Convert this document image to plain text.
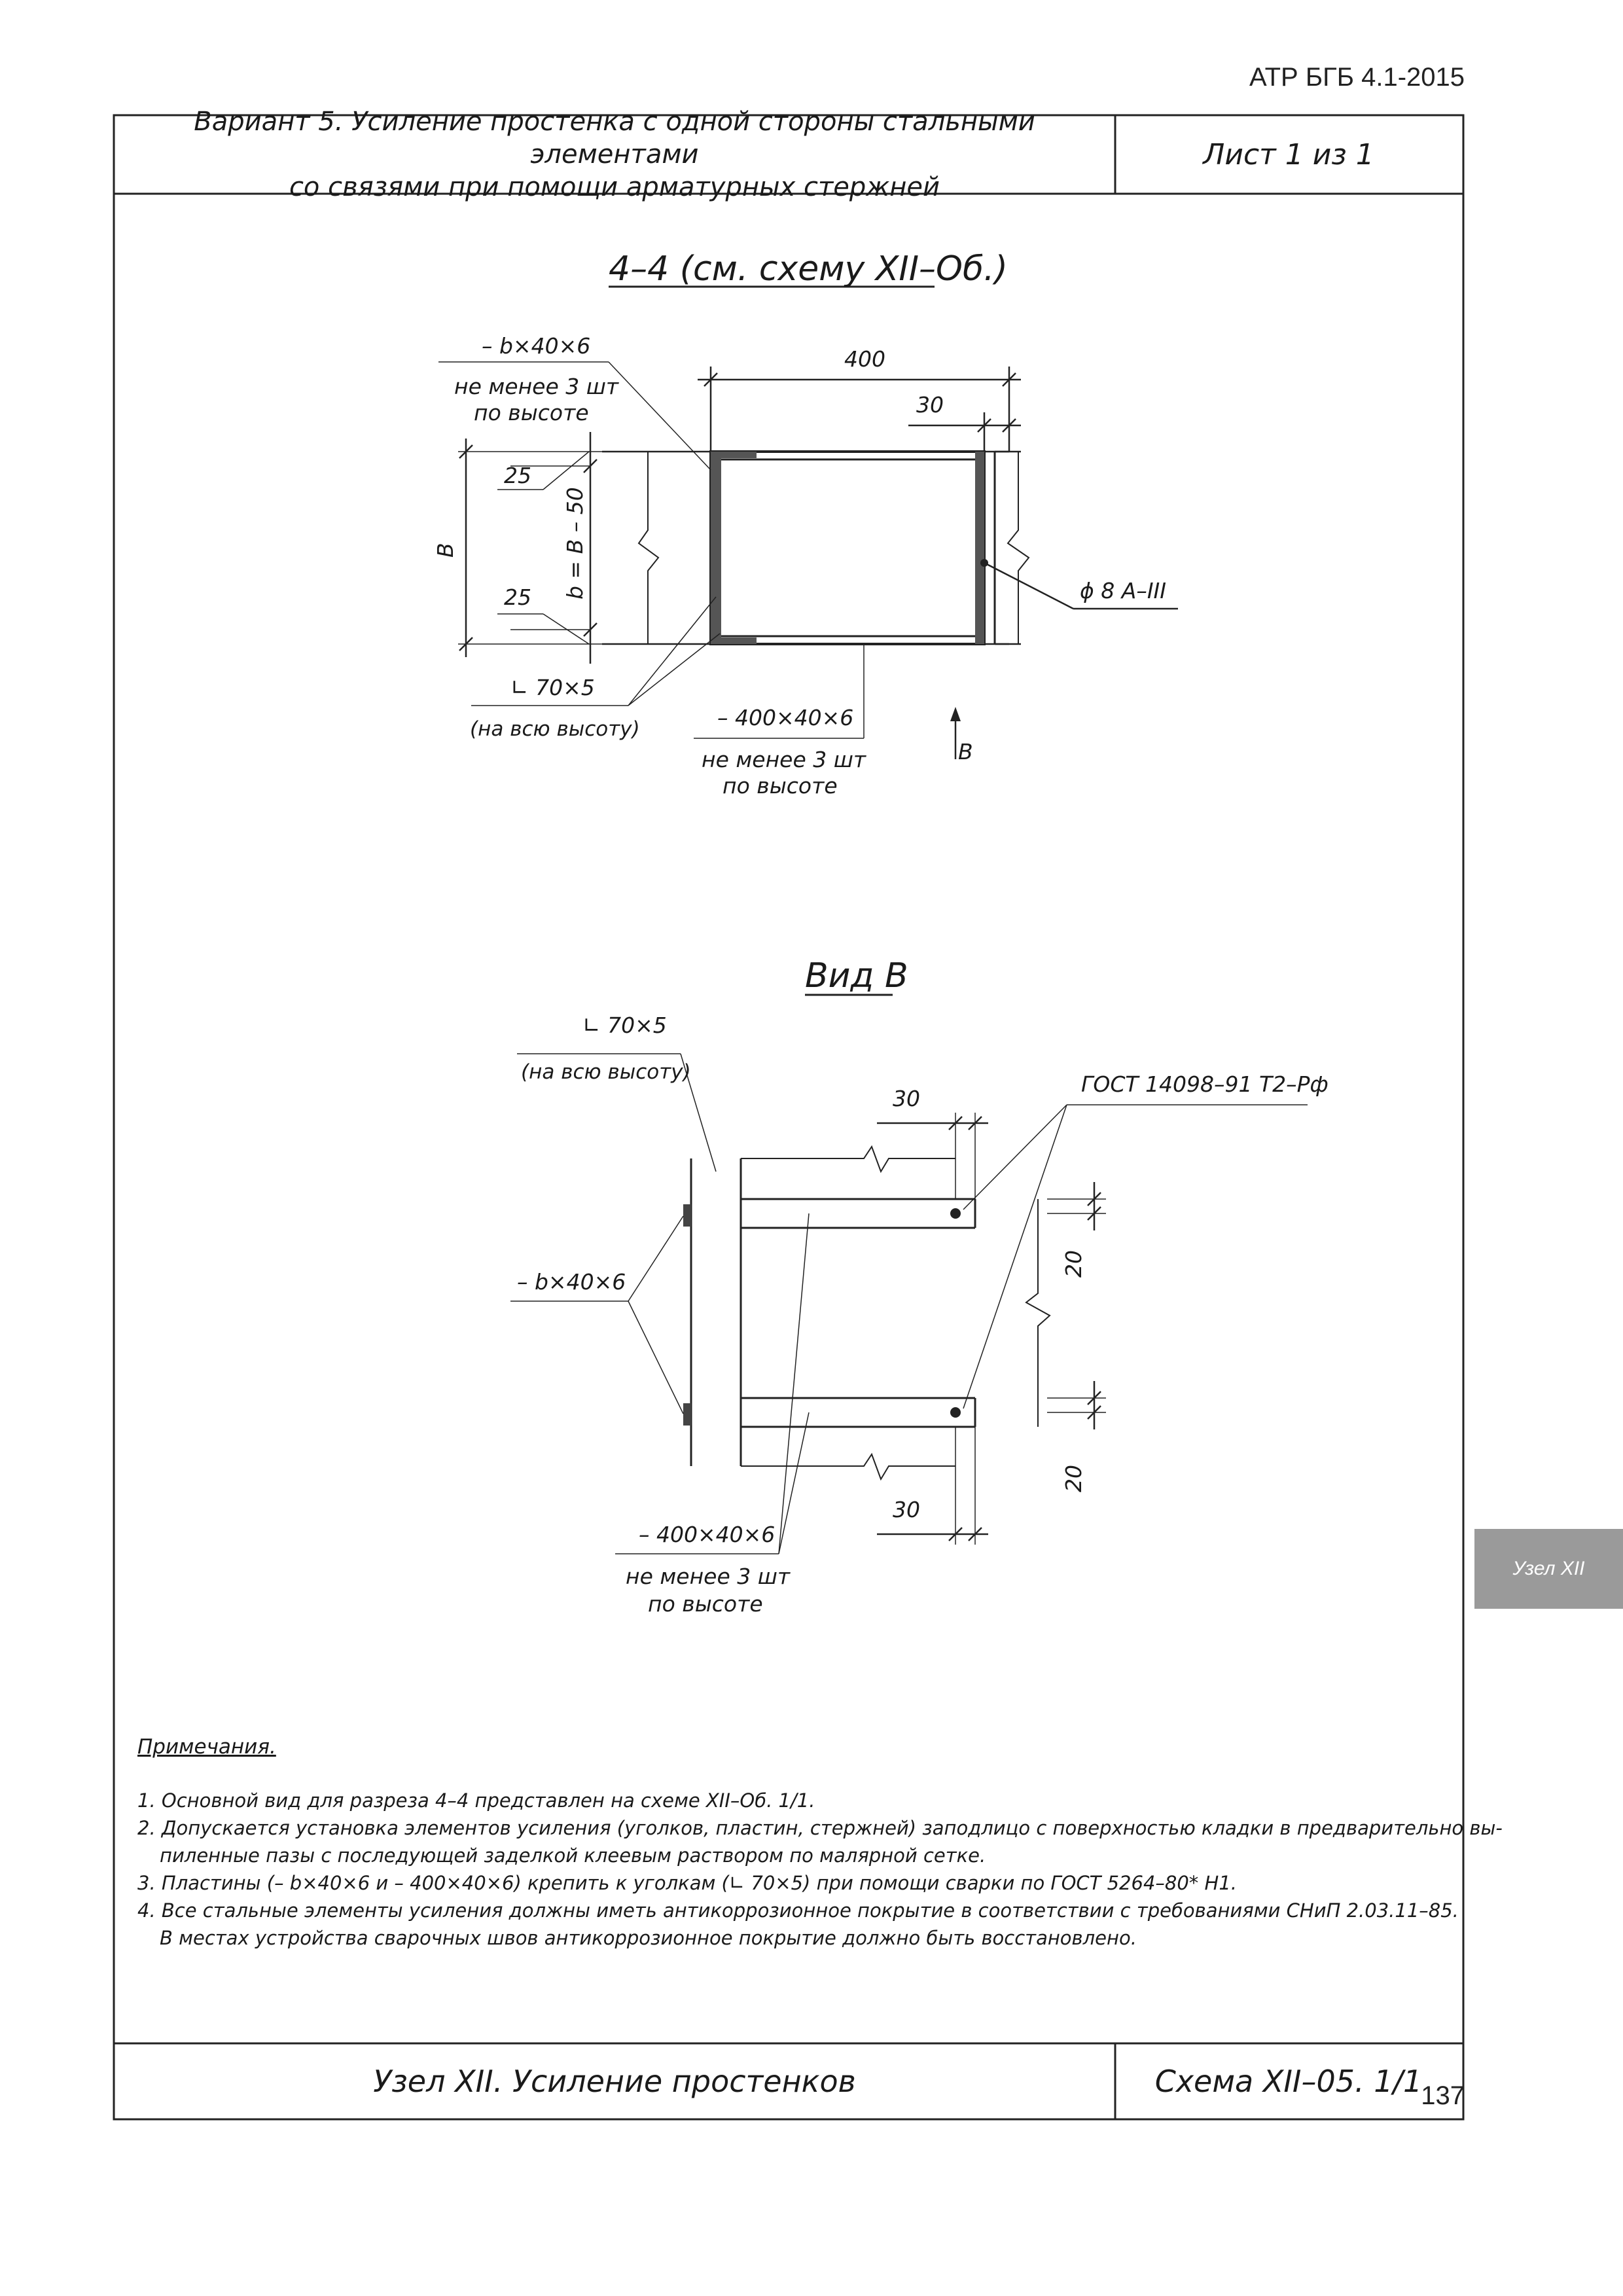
АТР БГБ 4.1-2015
4–4 (см. схему XII–Об.)
– b×40×6
не менее 3 шт
по высоте
400
30
25
25
В	b = В – 50
∟ 70×5
(на всю высоту)	– 400×40×6
не менее 3 шт
по высоте
ϕ 8 А–III
В
Вид В
∟ 70×5
(на всю высоту)	ГОСТ 14098–91 Т2–Рф
30
30
20
20
– b×40×6
– 400×40×6
не менее 3 шт
по высоте
Вариант 5. Усиление простенка с одной стороны стальными элементами
со связями при помощи арматурных стержней
Лист 1 из 1
Примечания.
1. Основной вид для разреза 4–4 представлен на схеме XII–Об. 1/1.
2. Допускается установка элементов усиления (уголков, пластин, стержней) заподлицо с поверхностью кладки в предварительно вы-
пиленные пазы с последующей заделкой клеевым раствором по малярной сетке.
3. Пластины (– b×40×6 и – 400×40×6) крепить к уголкам (∟ 70×5) при помощи сварки по ГОСТ 5264–80* Н1.
4. Все стальные элементы усиления должны иметь антикоррозионное покрытие в соответствии с требованиями СНиП 2.03.11–85.
В местах устройства сварочных швов антикоррозионное покрытие должно быть восстановлено.
Узел XII. Усиление простенков	Схема XII–05. 1/1
137
Узел XII
